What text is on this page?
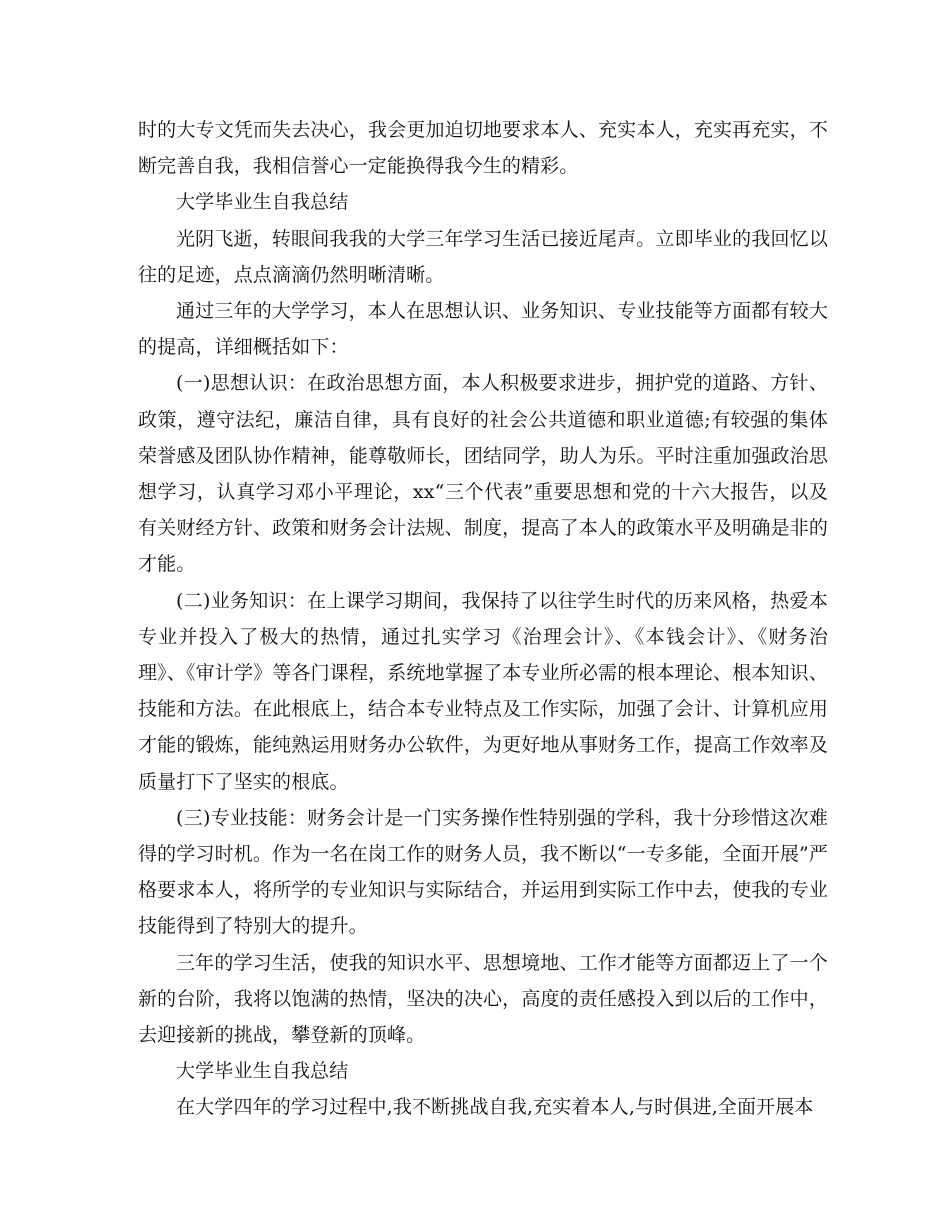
时的大专文凭而失去决心，我会更加迫切地要求本人、充实本人，充实再充实，不断完善自我，我相信誉心一定能换得我今生的精彩。

大学毕业生自我总结

光阴飞逝，转眼间我我的大学三年学习生活已接近尾声。立即毕业的我回忆以往的足迹，点点滴滴仍然明晰清晰。

通过三年的大学学习，本人在思想认识、业务知识、专业技能等方面都有较大的提高，详细概括如下：

(一)思想认识：在政治思想方面，本人积极要求进步，拥护党的道路、方针、政策，遵守法纪，廉洁自律，具有良好的社会公共道德和职业道德;有较强的集体荣誉感及团队协作精神，能尊敬师长，团结同学，助人为乐。平时注重加强政治思想学习，认真学习邓小平理论，xx“三个代表”重要思想和党的十六大报告，以及有关财经方针、政策和财务会计法规、制度，提高了本人的政策水平及明确是非的才能。

(二)业务知识：在上课学习期间，我保持了以往学生时代的历来风格，热爱本专业并投入了极大的热情，通过扎实学习《治理会计》、《本钱会计》、《财务治理》、《审计学》等各门课程，系统地掌握了本专业所必需的根本理论、根本知识、技能和方法。在此根底上，结合本专业特点及工作实际，加强了会计、计算机应用才能的锻炼，能纯熟运用财务办公软件，为更好地从事财务工作，提高工作效率及质量打下了坚实的根底。

(三)专业技能：财务会计是一门实务操作性特别强的学科，我十分珍惜这次难得的学习时机。作为一名在岗工作的财务人员，我不断以“一专多能，全面开展”严格要求本人，将所学的专业知识与实际结合，并运用到实际工作中去，使我的专业技能得到了特别大的提升。

三年的学习生活，使我的知识水平、思想境地、工作才能等方面都迈上了一个新的台阶，我将以饱满的热情，坚决的决心，高度的责任感投入到以后的工作中，去迎接新的挑战，攀登新的顶峰。

大学毕业生自我总结

在大学四年的学习过程中,我不断挑战自我,充实着本人,与时俱进,全面开展本
